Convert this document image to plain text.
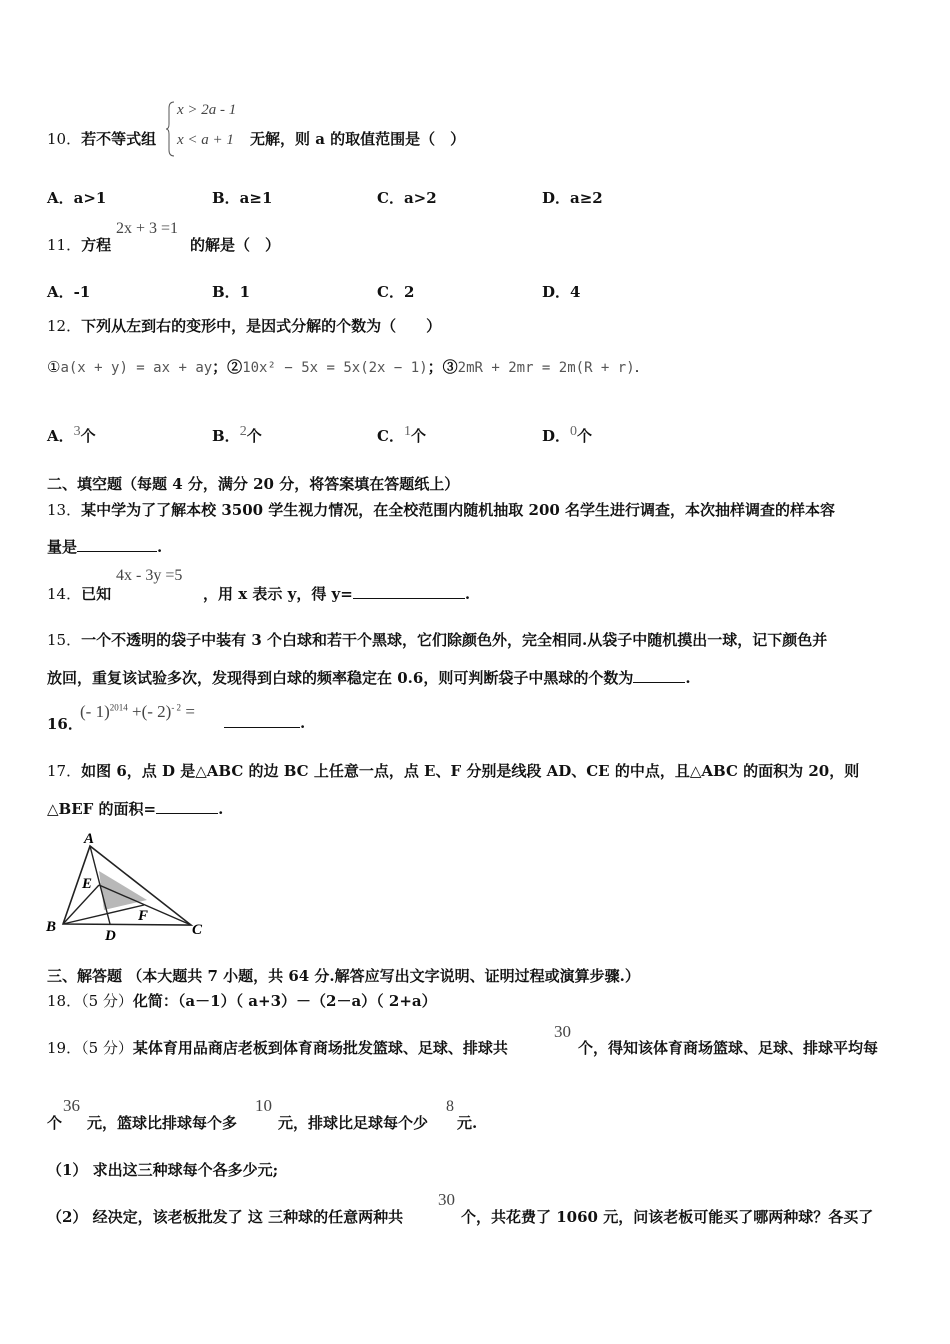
10．若不等式组
x > 2a - 1
x < a + 1 无解，则 a 的取值范围是（　）
A．a>1	B．a≥1	C．a>2	D．a≥2
11．方程
2x + 3 =1
的解是（　）
A．-1	B．1	C．2	D．4
12．下列从左到右的变形中，是因式分解的个数为（　　）
①a(x + y) = ax + ay；②10x² − 5x = 5x(2x − 1)；③2mR + 2mr = 2m(R + r).
A．$^3$个	B．$^2$个	C．$^1$个	D．$^0$个
二、填空题（每题 4 分，满分 20 分，将答案填在答题纸上）
13．某中学为了了解本校 3500 学生视力情况，在全校范围内随机抽取 200 名学生进行调查，本次抽样调查的样本容
量是	.
14．已知
4x - 3y =5
，用 x 表示 y，得 y=	.
15．一个不透明的袋子中装有 3 个白球和若干个黑球，它们除颜色外，完全相同.从袋子中随机摸出一球，记下颜色并
放回，重复该试验多次，发现得到白球的频率稳定在 0.6，则可判断袋子中黑球的个数为	.
16．
(- 1)$^{2014}$ +(- 2)$^{- 2}$ =
.
17．如图 6，点 D 是△ABC 的边 BC 上任意一点，点 E、F 分别是线段 AD、CE 的中点，且△ABC 的面积为 20，则
△BEF 的面积=	.
A
B	C
D
E
F
三、解答题 （本大题共 7 小题，共 64 分.解答应写出文字说明、证明过程或演算步骤.）
18．（5 分）化简：（a－1）（ a+3）－（2－a）（ 2+a）
19．（5 分）某体育用品商店老板到体育商场批发篮球、足球、排球共
30
个，得知该体育商场篮球、足球、排球平均每
个
36
元，篮球比排球每个多
10
元，排球比足球每个少
8
元.
（1） 求出这三种球每个各多少元;
（2） 经决定，该老板批发了 这 三种球的任意两种共
30
个，共花费了 1060 元，问该老板可能买了哪两种球？各买了
